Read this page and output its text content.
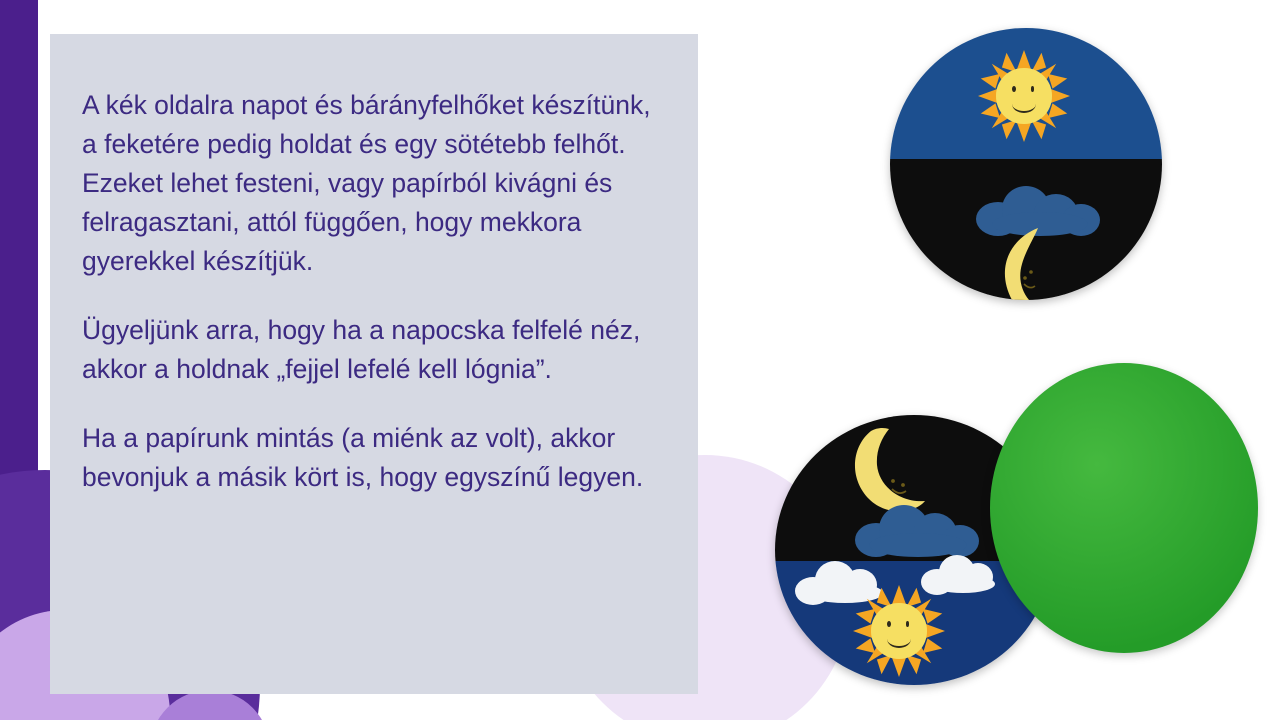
A kék oldalra napot és bárányfelhőket készítünk, a feketére pedig holdat és egy sötétebb felhőt. Ezeket lehet festeni, vagy papírból kivágni és felragasztani, attól függően, hogy mekkora gyerekkel készítjük.

Ügyeljünk arra, hogy ha a napocska felfelé néz, akkor a holdnak „fejjel lefelé kell lógnia”.

Ha a papírunk mintás (a miénk az volt), akkor bevonjuk a másik kört is, hogy egyszínű legyen.
